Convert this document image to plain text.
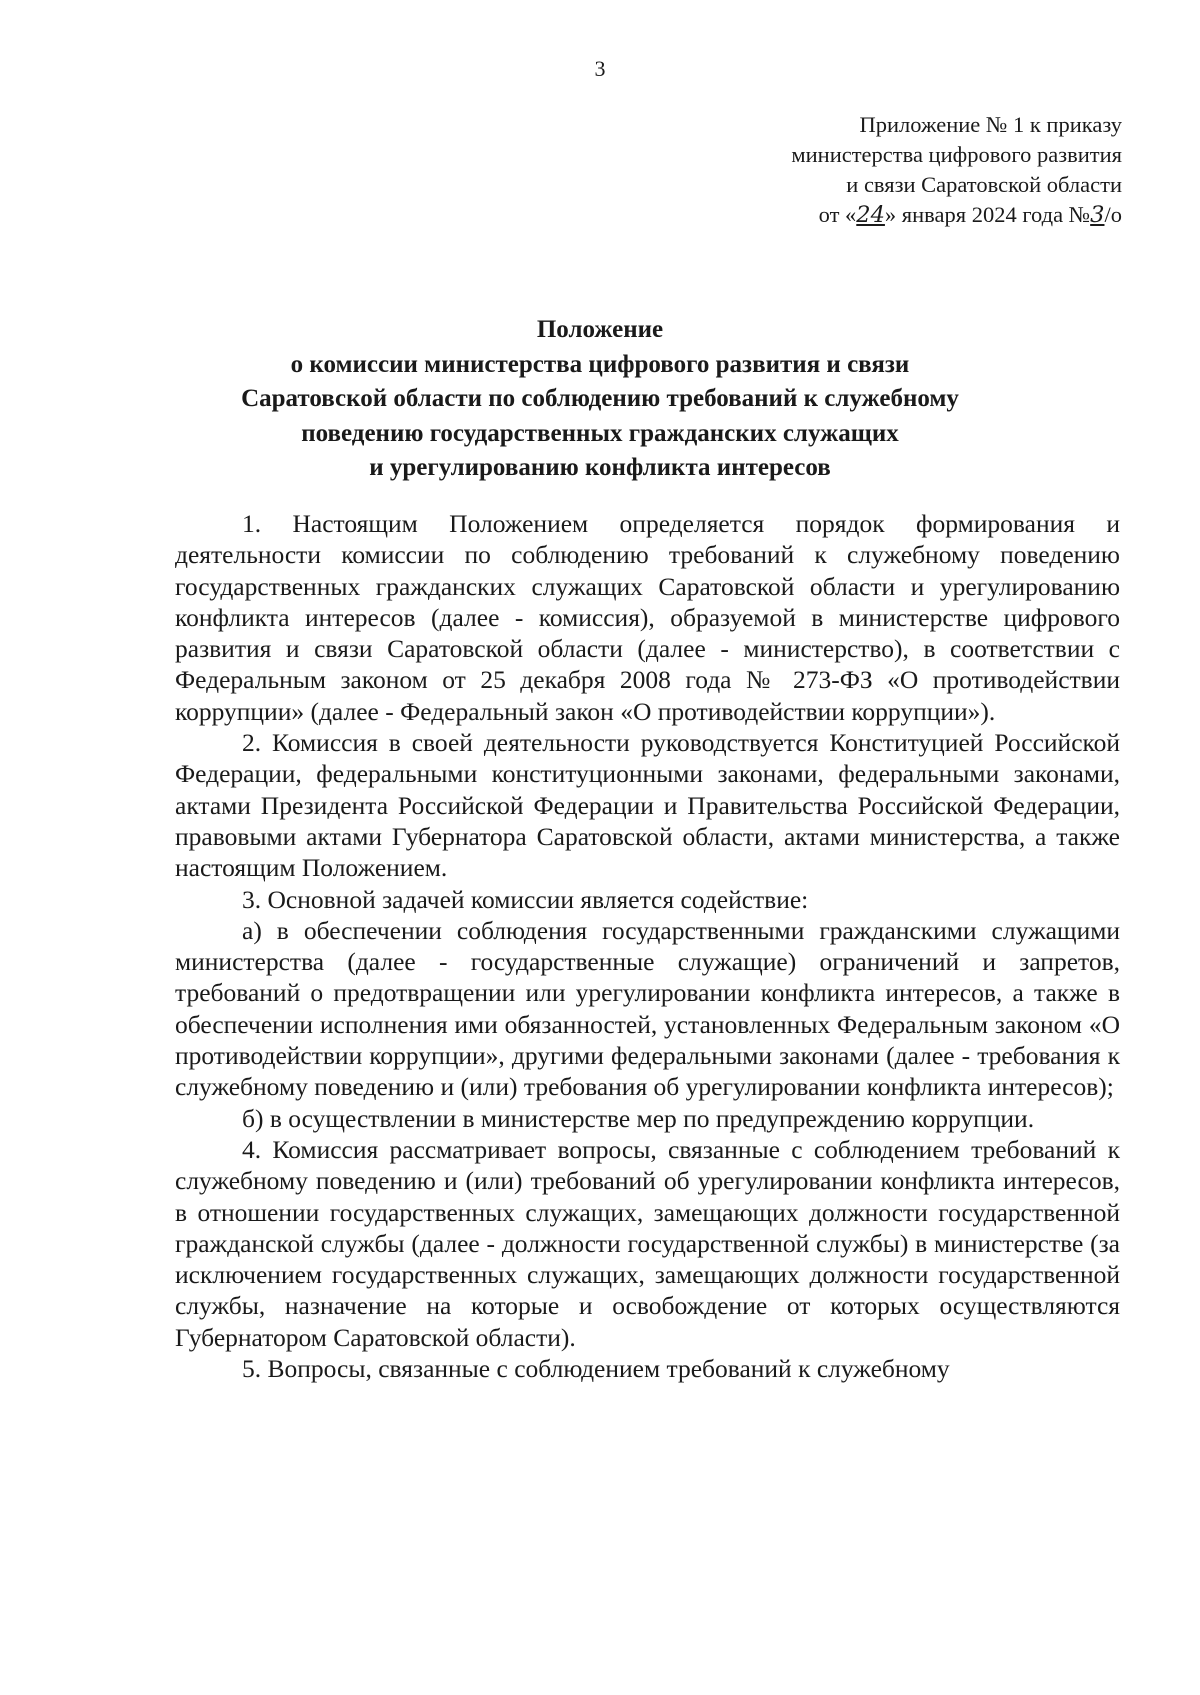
3
Приложение № 1 к приказу
министерства цифрового развития
и связи Саратовской области
от «24» января 2024 года №3/о
Положение
о комиссии министерства цифрового развития и связи
Саратовской области по соблюдению требований к служебному
поведению государственных гражданских служащих
и урегулированию конфликта интересов

1. Настоящим Положением определяется порядок формирования и деятельности комиссии по соблюдению требований к служебному поведению государственных гражданских служащих Саратовской области и урегулированию конфликта интересов (далее - комиссия), образуемой в министерстве цифрового развития и связи Саратовской области (далее - министерство), в соответствии с Федеральным законом от 25 декабря 2008 года № 273-ФЗ «О противодействии коррупции» (далее - Федеральный закон «О противодействии коррупции»).

2. Комиссия в своей деятельности руководствуется Конституцией Российской Федерации, федеральными конституционными законами, федеральными законами, актами Президента Российской Федерации и Правительства Российской Федерации, правовыми актами Губернатора Саратовской области, актами министерства, а также настоящим Положением.

3. Основной задачей комиссии является содействие:

а) в обеспечении соблюдения государственными гражданскими служащими министерства (далее - государственные служащие) ограничений и запретов, требований о предотвращении или урегулировании конфликта интересов, а также в обеспечении исполнения ими обязанностей, установленных Федеральным законом «О противодействии коррупции», другими федеральными законами (далее - требования к служебному поведению и (или) требования об урегулировании конфликта интересов);

б) в осуществлении в министерстве мер по предупреждению коррупции.

4. Комиссия рассматривает вопросы, связанные с соблюдением требований к служебному поведению и (или) требований об урегулировании конфликта интересов, в отношении государственных служащих, замещающих должности государственной гражданской службы (далее - должности государственной службы) в министерстве (за исключением государственных служащих, замещающих должности государственной службы, назначение на которые и освобождение от которых осуществляются Губернатором Саратовской области).

5. Вопросы, связанные с соблюдением требований к служебному
